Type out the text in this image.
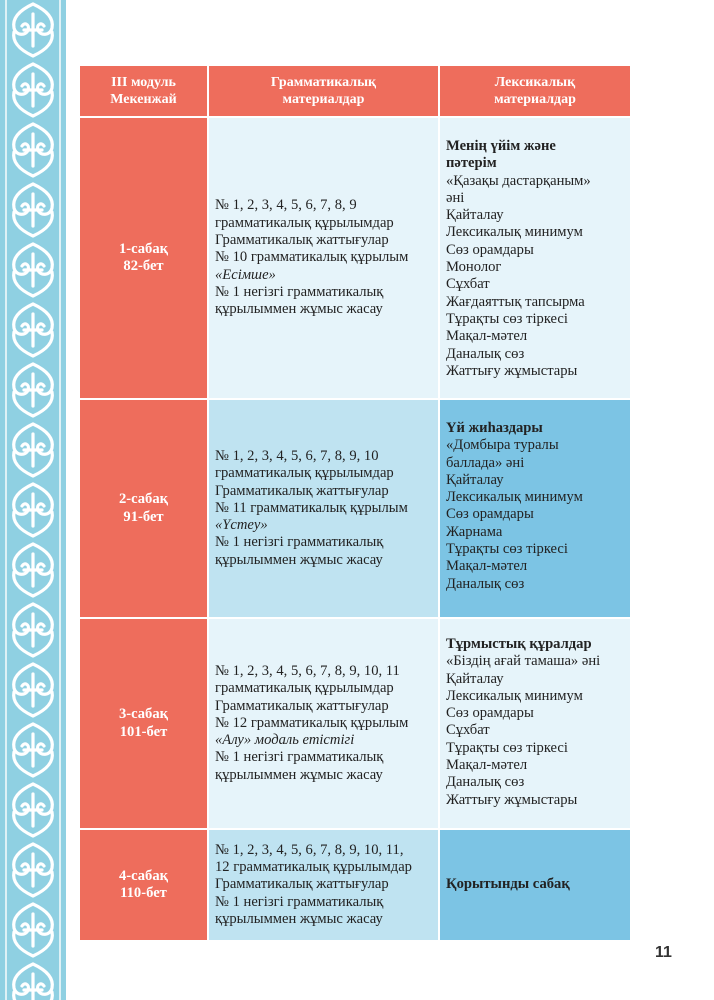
III модуль
Мекенжай
Грамматикалық
материалдар
Лексикалық
материалдар
1-сабақ
82-бет
№ 1, 2, 3, 4, 5, 6, 7, 8, 9
грамматикалық құрылымдар
Грамматикалық жаттығулар
№ 10 грамматикалық құрылым
«Есімше»
№ 1 негізгі грамматикалық
құрылыммен жұмыс жасау
Менің үйім және
пәтерім
«Қазақы дастарқаным»
әні
Қайталау
Лексикалық минимум
Сөз орамдары
Монолог
Сұхбат
Жағдаяттық тапсырма
Тұрақты сөз тіркесі
Мақал-мәтел
Даналық сөз
Жаттығу жұмыстары
2-сабақ
91-бет
№ 1, 2, 3, 4, 5, 6, 7, 8, 9, 10
грамматикалық құрылымдар
Грамматикалық жаттығулар
№ 11 грамматикалық құрылым
«Үстеу»
№ 1 негізгі грамматикалық
құрылыммен жұмыс жасау
Үй жиһаздары
«Домбыра туралы
баллада» әні
Қайталау
Лексикалық минимум
Сөз орамдары
Жарнама
Тұрақты сөз тіркесі
Мақал-мәтел
Даналық сөз
3-сабақ
101-бет
№ 1, 2, 3, 4, 5, 6, 7, 8, 9, 10, 11
грамматикалық құрылымдар
Грамматикалық жаттығулар
№ 12 грамматикалық құрылым
«Алу» модаль етістігі
№ 1 негізгі грамматикалық
құрылыммен жұмыс жасау
Тұрмыстық құралдар
«Біздің ағай тамаша» әні
Қайталау
Лексикалық минимум
Сөз орамдары
Сұхбат
Тұрақты сөз тіркесі
Мақал-мәтел
Даналық сөз
Жаттығу жұмыстары
4-сабақ
110-бет
№ 1, 2, 3, 4, 5, 6, 7, 8, 9, 10, 11,
12 грамматикалық құрылымдар
Грамматикалық жаттығулар
№ 1 негізгі грамматикалық
құрылыммен жұмыс жасау
Қорытынды сабақ
11
